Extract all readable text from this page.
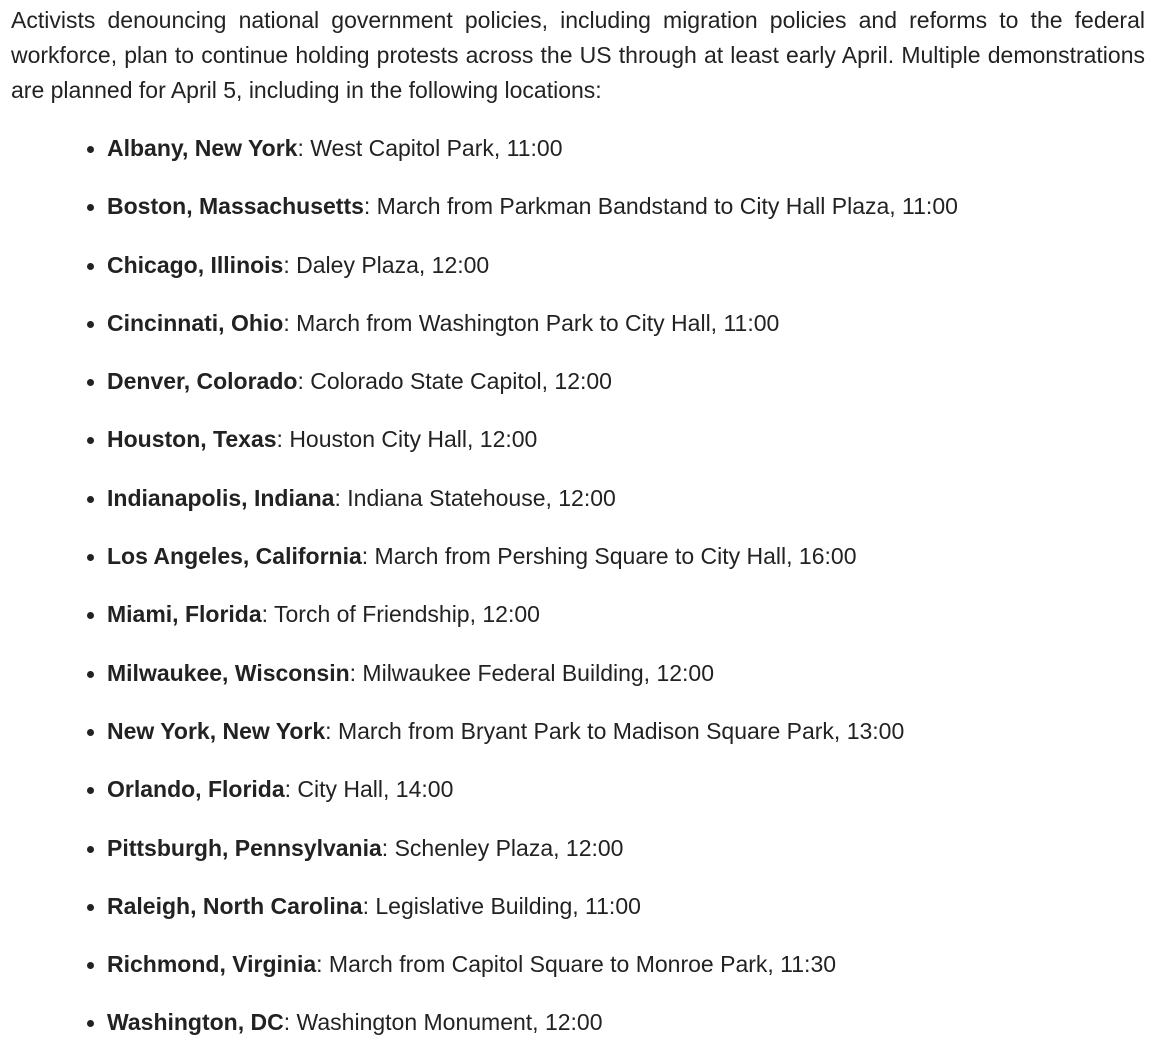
Activists denouncing national government policies, including migration policies and reforms to the federal workforce, plan to continue holding protests across the US through at least early April. Multiple demonstrations are planned for April 5, including in the following locations:

Albany, New York: West Capitol Park, 11:00
Boston, Massachusetts: March from Parkman Bandstand to City Hall Plaza, 11:00
Chicago, Illinois: Daley Plaza, 12:00
Cincinnati, Ohio: March from Washington Park to City Hall, 11:00
Denver, Colorado: Colorado State Capitol, 12:00
Houston, Texas: Houston City Hall, 12:00
Indianapolis, Indiana: Indiana Statehouse, 12:00
Los Angeles, California: March from Pershing Square to City Hall, 16:00
Miami, Florida: Torch of Friendship, 12:00
Milwaukee, Wisconsin: Milwaukee Federal Building, 12:00
New York, New York: March from Bryant Park to Madison Square Park, 13:00
Orlando, Florida: City Hall, 14:00
Pittsburgh, Pennsylvania: Schenley Plaza, 12:00
Raleigh, North Carolina: Legislative Building, 11:00
Richmond, Virginia: March from Capitol Square to Monroe Park, 11:30
Washington, DC: Washington Monument, 12:00
